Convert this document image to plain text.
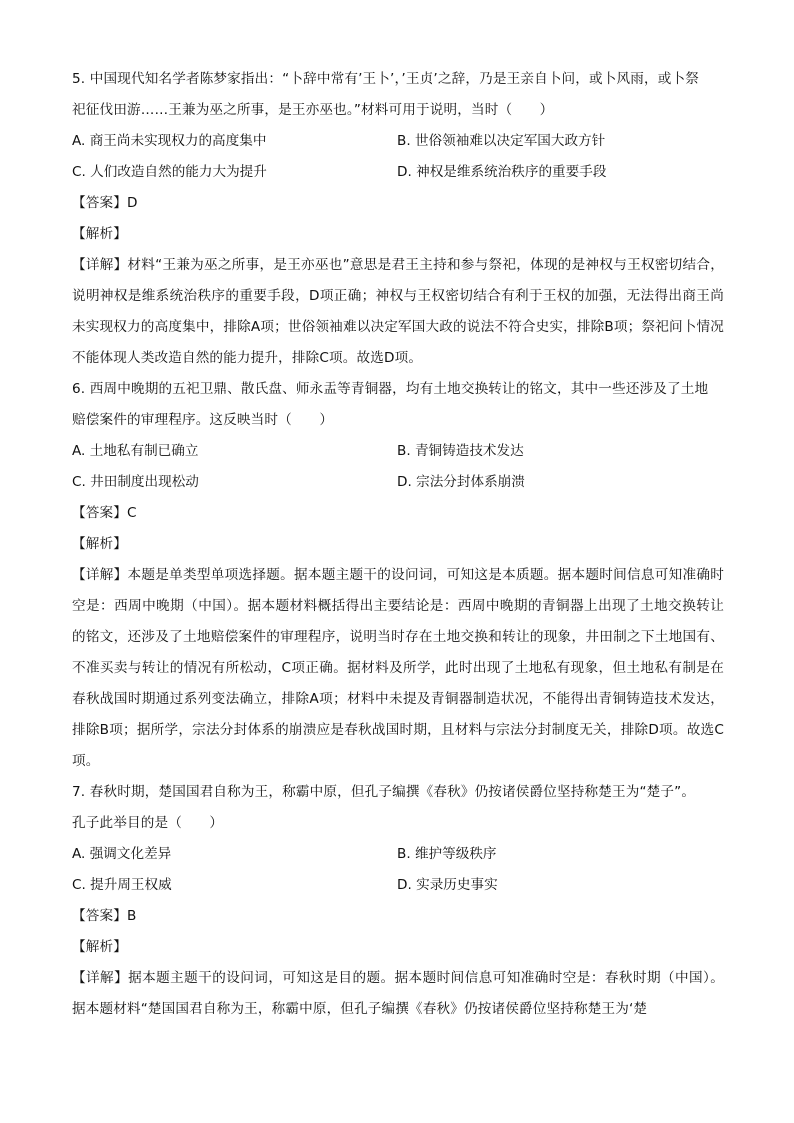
5. 中国现代知名学者陈梦家指出：“卜辞中常有’王卜’，’王贞’之辞，乃是王亲自卜问，或卜风雨，或卜祭
祀征伐田游……王兼为巫之所事，是王亦巫也。”材料可用于说明，当时（　　）
A. 商王尚未实现权力的高度集中	B. 世俗领袖难以决定军国大政方针
C. 人们改造自然的能力大为提升	D. 神权是维系统治秩序的重要手段
【答案】D
【解析】
【详解】材料“王兼为巫之所事，是王亦巫也”意思是君王主持和参与祭祀，体现的是神权与王权密切结合，说明神权是维系统治秩序的重要手段，D项正确；神权与王权密切结合有利于王权的加强，无法得出商王尚未实现权力的高度集中，排除A项；世俗领袖难以决定军国大政的说法不符合史实，排除B项；祭祀问卜情况不能体现人类改造自然的能力提升，排除C项。故选D项。
6. 西周中晚期的五祀卫鼎、散氏盘、师永盂等青铜器，均有土地交换转让的铭文，其中一些还涉及了土地
赔偿案件的审理程序。这反映当时（　　）
A. 土地私有制已确立	B. 青铜铸造技术发达
C. 井田制度出现松动	D. 宗法分封体系崩溃
【答案】C
【解析】
【详解】本题是单类型单项选择题。据本题主题干的设问词，可知这是本质题。据本题时间信息可知准确时空是：西周中晚期（中国）。据本题材料概括得出主要结论是：西周中晚期的青铜器上出现了土地交换转让的铭文，还涉及了土地赔偿案件的审理程序，说明当时存在土地交换和转让的现象，井田制之下土地国有、不准买卖与转让的情况有所松动，C项正确。据材料及所学，此时出现了土地私有现象，但土地私有制是在春秋战国时期通过系列变法确立，排除A项；材料中未提及青铜器制造状况，不能得出青铜铸造技术发达，排除B项；据所学，宗法分封体系的崩溃应是春秋战国时期，且材料与宗法分封制度无关，排除D项。故选C项。
7. 春秋时期，楚国国君自称为王，称霸中原，但孔子编撰《春秋》仍按诸侯爵位坚持称楚王为“楚子”。
孔子此举目的是（　　）
A. 强调文化差异	B. 维护等级秩序
C. 提升周王权威	D. 实录历史事实
【答案】B
【解析】
【详解】据本题主题干的设问词，可知这是目的题。据本题时间信息可知准确时空是：春秋时期（中国）。据本题材料“楚国国君自称为王，称霸中原，但孔子编撰《春秋》仍按诸侯爵位坚持称楚王为‘楚
